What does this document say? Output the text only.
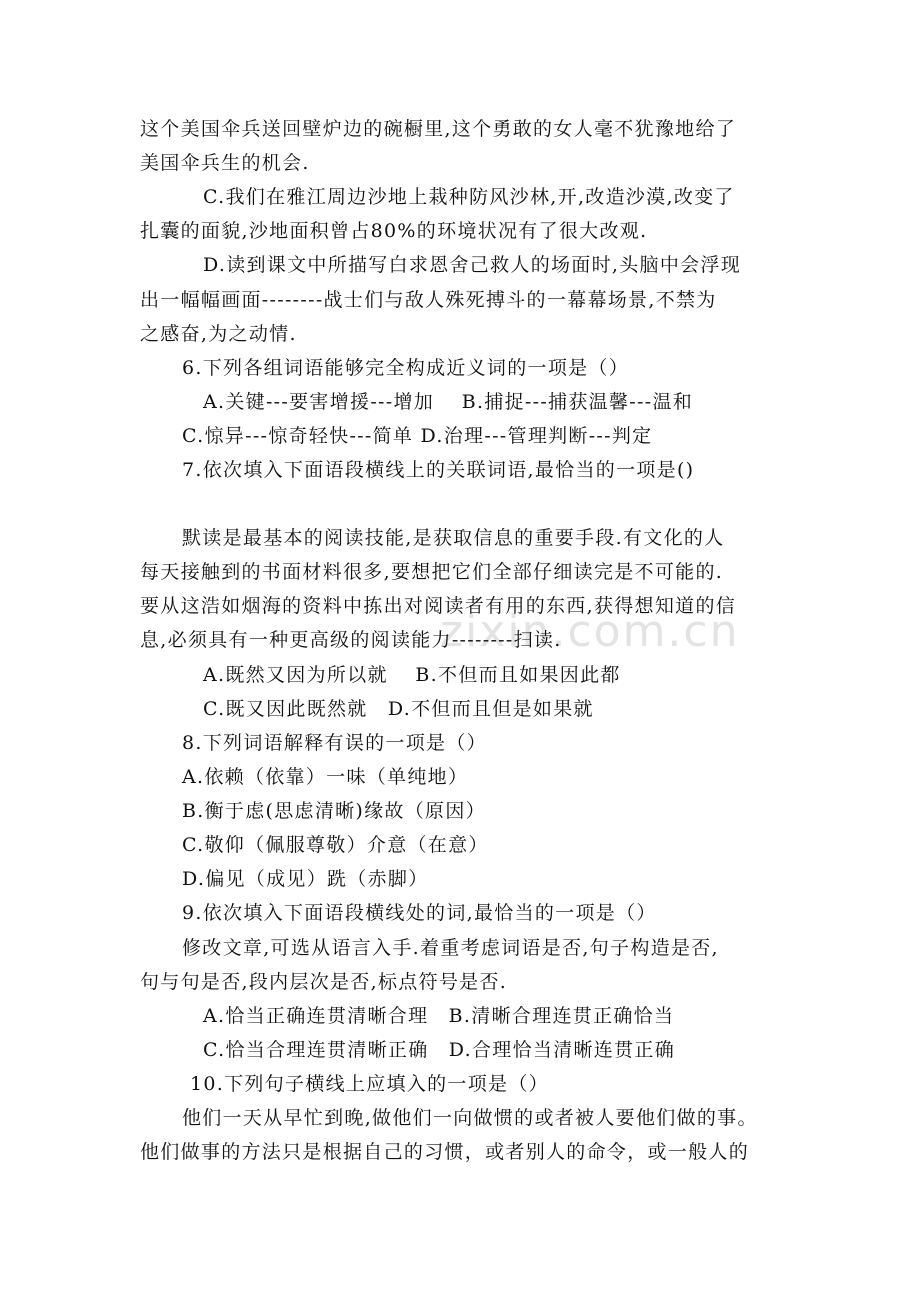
zixin.com.cn

这个美国伞兵送回壁炉边的碗橱里,这个勇敢的女人毫不犹豫地给了

美国伞兵生的机会.

C.我们在雅江周边沙地上栽种防风沙林,开,改造沙漠,改变了

扎囊的面貌,沙地面积曾占80%的环境状况有了很大改观.

D.读到课文中所描写白求恩舍己救人的场面时,头脑中会浮现

出一幅幅画面--------战士们与敌人殊死搏斗的一幕幕场景,不禁为

之感奋,为之动情.

6.下列各组词语能够完全构成近义词的一项是（）

A.关键---要害增援---增加　 B.捕捉---捕获温馨---温和

C.惊异---惊奇轻快---简单 D.治理---管理判断---判定

7.依次填入下面语段横线上的关联词语,最恰当的一项是()

默读是最基本的阅读技能,是获取信息的重要手段.有文化的人

每天接触到的书面材料很多,要想把它们全部仔细读完是不可能的.

要从这浩如烟海的资料中拣出对阅读者有用的东西,获得想知道的信

息,必须具有一种更高级的阅读能力--------扫读.

A.既然又因为所以就　 B.不但而且如果因此都

C.既又因此既然就　D.不但而且但是如果就

8.下列词语解释有误的一项是（）

A.依赖（依靠）一味（单纯地）

B.衡于虑(思虑清晰)缘故（原因）

C.敬仰（佩服尊敬）介意（在意）

D.偏见（成见）跣（赤脚）

9.依次填入下面语段横线处的词,最恰当的一项是（）

修改文章,可选从语言入手.着重考虑词语是否,句子构造是否,

句与句是否,段内层次是否,标点符号是否.

A.恰当正确连贯清晰合理　B.清晰合理连贯正确恰当

C.恰当合理连贯清晰正确　D.合理恰当清晰连贯正确

10.下列句子横线上应填入的一项是（）

他们一天从早忙到晚,做他们一向做惯的或者被人要他们做的事。

他们做事的方法只是根据自己的习惯，或者别人的命令，或一般人的
